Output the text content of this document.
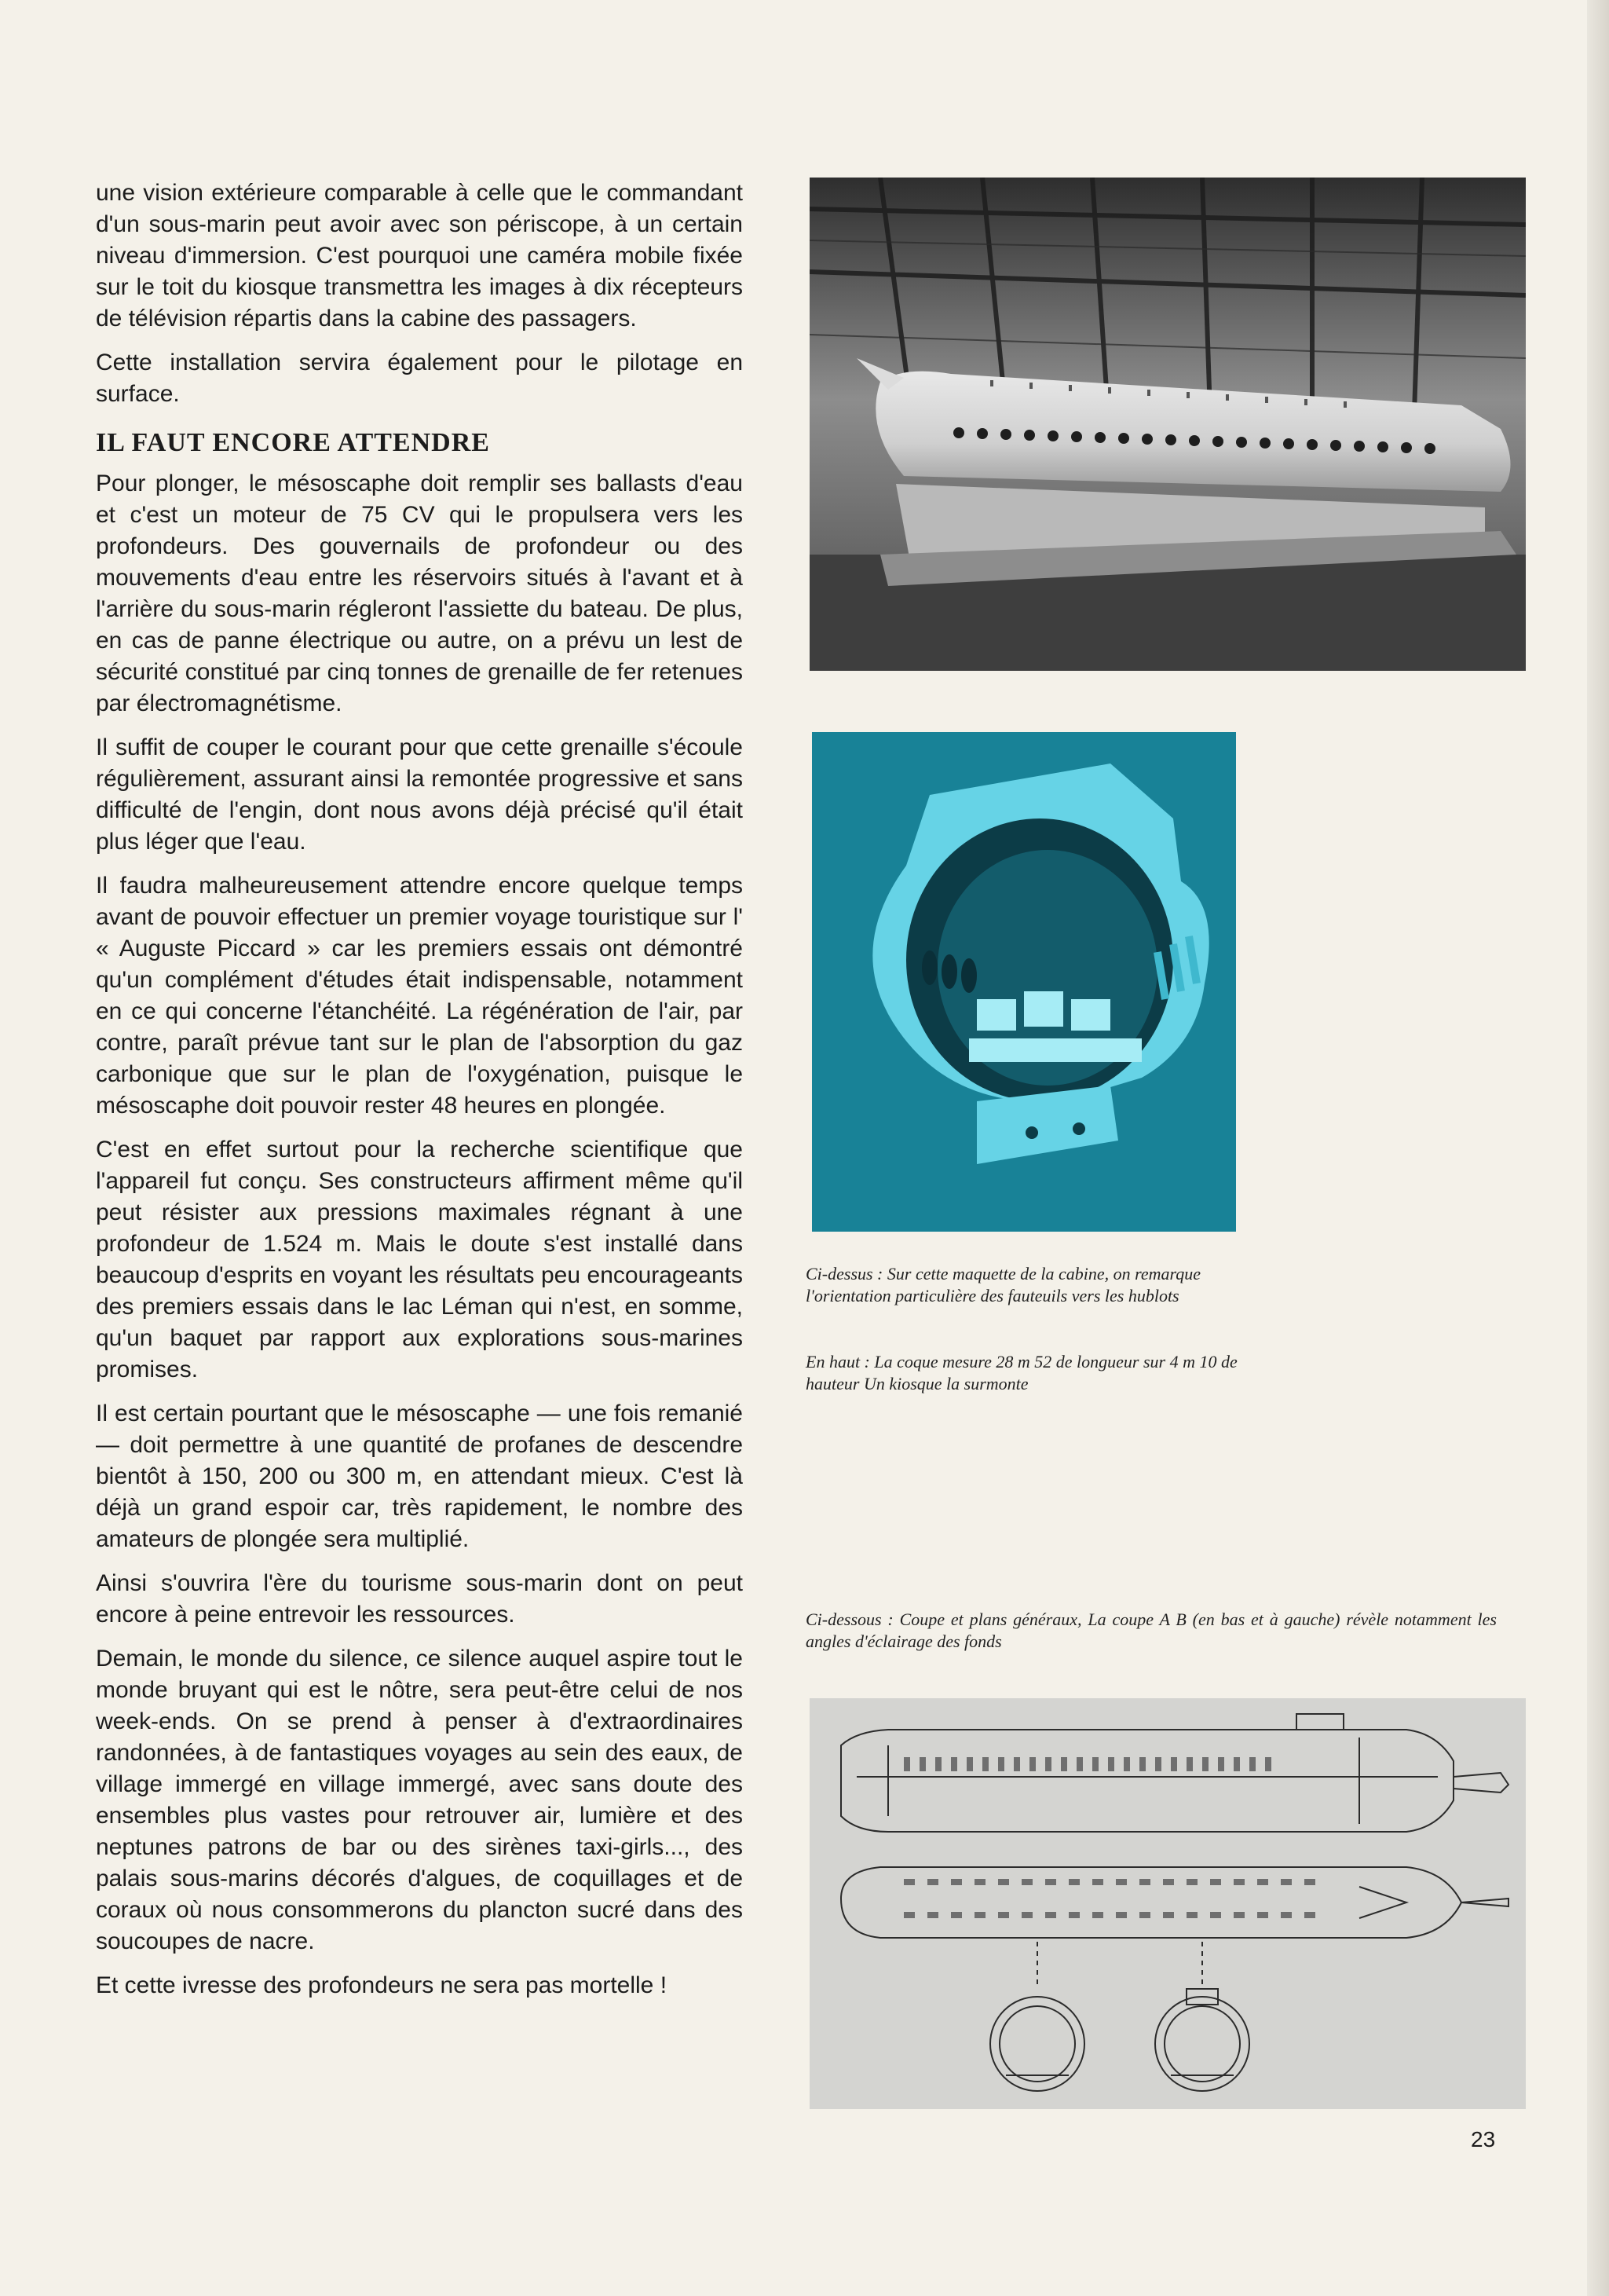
une vision extérieure comparable à celle que le commandant d'un sous-marin peut avoir avec son périscope, à un certain niveau d'immersion. C'est pourquoi une caméra mobile fixée sur le toit du kiosque transmettra les images à dix récepteurs de télévision répartis dans la cabine des passagers.

Cette installation servira également pour le pilotage en surface.

IL FAUT ENCORE ATTENDRE

Pour plonger, le mésoscaphe doit remplir ses ballasts d'eau et c'est un moteur de 75 CV qui le propulsera vers les profondeurs. Des gouvernails de profondeur ou des mouvements d'eau entre les réservoirs situés à l'avant et à l'arrière du sous-marin régleront l'assiette du bateau. De plus, en cas de panne électrique ou autre, on a prévu un lest de sécurité constitué par cinq tonnes de grenaille de fer retenues par électromagnétisme.

Il suffit de couper le courant pour que cette grenaille s'écoule régulièrement, assurant ainsi la remontée progressive et sans difficulté de l'engin, dont nous avons déjà précisé qu'il était plus léger que l'eau.

Il faudra malheureusement attendre encore quelque temps avant de pouvoir effectuer un premier voyage touristique sur l' « Auguste Piccard » car les premiers essais ont démontré qu'un complément d'études était indispensable, notamment en ce qui concerne l'étanchéité. La régénération de l'air, par contre, paraît prévue tant sur le plan de l'absorption du gaz carbonique que sur le plan de l'oxygénation, puisque le mésoscaphe doit pouvoir rester 48 heures en plongée.

C'est en effet surtout pour la recherche scientifique que l'appareil fut conçu. Ses constructeurs affirment même qu'il peut résister aux pressions maximales régnant à une profondeur de 1.524 m. Mais le doute s'est installé dans beaucoup d'esprits en voyant les résultats peu encourageants des premiers essais dans le lac Léman qui n'est, en somme, qu'un baquet par rapport aux explorations sous-marines promises.

Il est certain pourtant que le mésoscaphe — une fois remanié — doit permettre à une quantité de profanes de descendre bientôt à 150, 200 ou 300 m, en attendant mieux. C'est là déjà un grand espoir car, très rapidement, le nombre des amateurs de plongée sera multiplié.

Ainsi s'ouvrira l'ère du tourisme sous-marin dont on peut encore à peine entrevoir les ressources.

Demain, le monde du silence, ce silence auquel aspire tout le monde bruyant qui est le nôtre, sera peut-être celui de nos week-ends. On se prend à penser à d'extraordinaires randonnées, à de fantastiques voyages au sein des eaux, de village immergé en village immergé, avec sans doute des ensembles plus vastes pour retrouver air, lumière et des neptunes patrons de bar ou des sirènes taxi-girls..., des palais sous-marins décorés d'algues, de coquillages et de coraux où nous consommerons du plancton sucré dans des soucoupes de nacre.

Et cette ivresse des profondeurs ne sera pas mortelle !

Ci-dessus : Sur cette maquette de la cabine, on remarque l'orientation particulière des fauteuils vers les hublots
En haut : La coque mesure 28 m 52 de longueur sur 4 m 10 de hauteur Un kiosque la surmonte
Ci-dessous : Coupe et plans généraux, La coupe A B (en bas et à gauche) révèle notamment les angles d'éclairage des fonds
23
